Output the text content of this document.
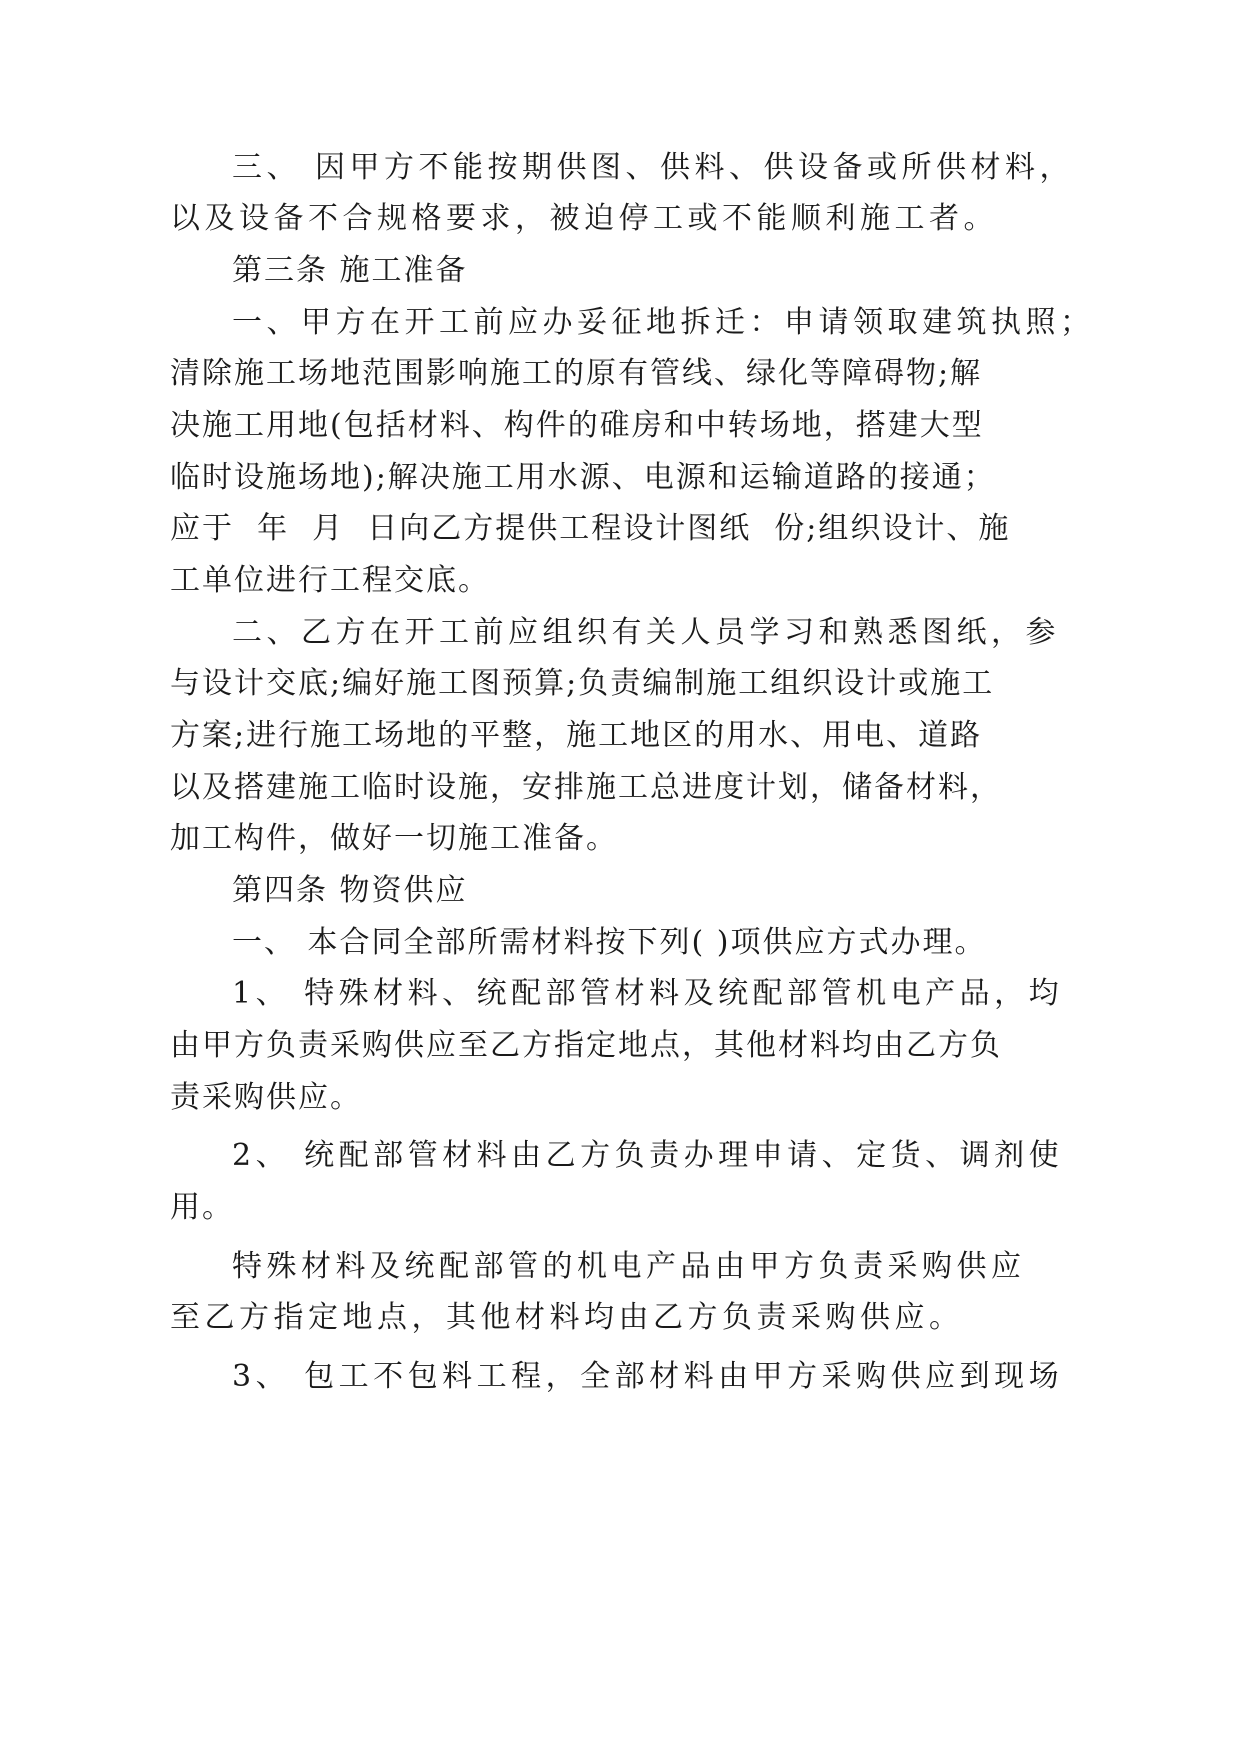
三、 因甲方不能按期供图、供料、供设备或所供材料，

以及设备不合规格要求，被迫停工或不能顺利施工者。

第三条 施工准备

一、甲方在开工前应办妥征地拆迁：申请领取建筑执照；

清除施工场地范围影响施工的原有管线、绿化等障碍物;解

决施工用地(包括材料、构件的碓房和中转场地，搭建大型

临时设施场地);解决施工用水源、电源和运输道路的接通；

应于  年  月  日向乙方提供工程设计图纸  份;组织设计、施

工单位进行工程交底。

二、乙方在开工前应组织有关人员学习和熟悉图纸，参

与设计交底;编好施工图预算;负责编制施工组织设计或施工

方案;进行施工场地的平整，施工地区的用水、用电、道路

以及搭建施工临时设施，安排施工总进度计划，储备材料，

加工构件，做好一切施工准备。

第四条 物资供应

一、 本合同全部所需材料按下列( )项供应方式办理。

1、 特殊材料、统配部管材料及统配部管机电产品，均

由甲方负责采购供应至乙方指定地点，其他材料均由乙方负

责采购供应。

2、 统配部管材料由乙方负责办理申请、定货、调剂使

用。

特殊材料及统配部管的机电产品由甲方负责采购供应

至乙方指定地点，其他材料均由乙方负责采购供应。

3、 包工不包料工程，全部材料由甲方采购供应到现场
